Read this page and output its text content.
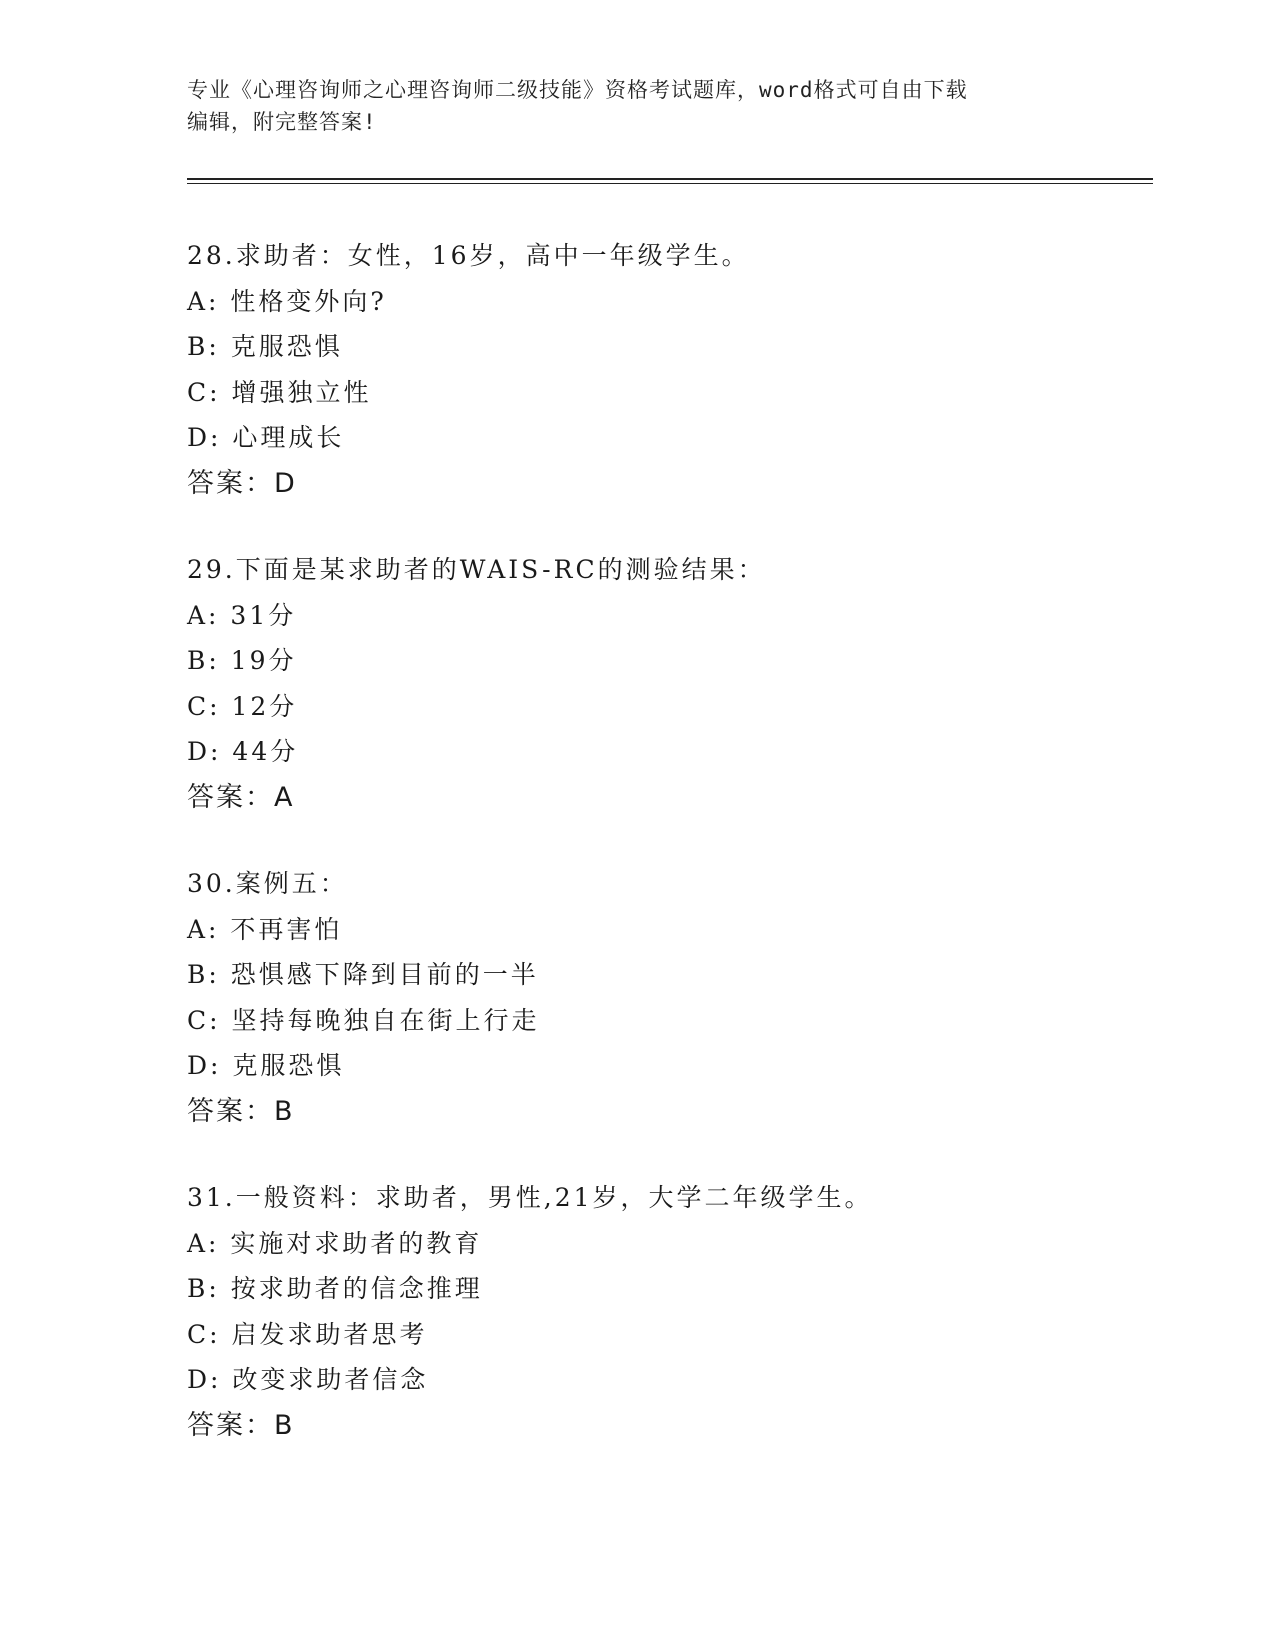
专业《心理咨询师之心理咨询师二级技能》资格考试题库，word格式可自由下载
编辑，附完整答案!
28.求助者：女性，16岁，高中一年级学生。
A: 性格变外向?
B: 克服恐惧
C: 增强独立性
D: 心理成长
答案：D
29.下面是某求助者的WAIS-RC的测验结果：
A: 31分
B: 19分
C: 12分
D: 44分
答案：A
30.案例五：
A: 不再害怕
B: 恐惧感下降到目前的一半
C: 坚持每晚独自在街上行走
D: 克服恐惧
答案：B
31.一般资料：求助者，男性,21岁，大学二年级学生。
A: 实施对求助者的教育
B: 按求助者的信念推理
C: 启发求助者思考
D: 改变求助者信念
答案：B
